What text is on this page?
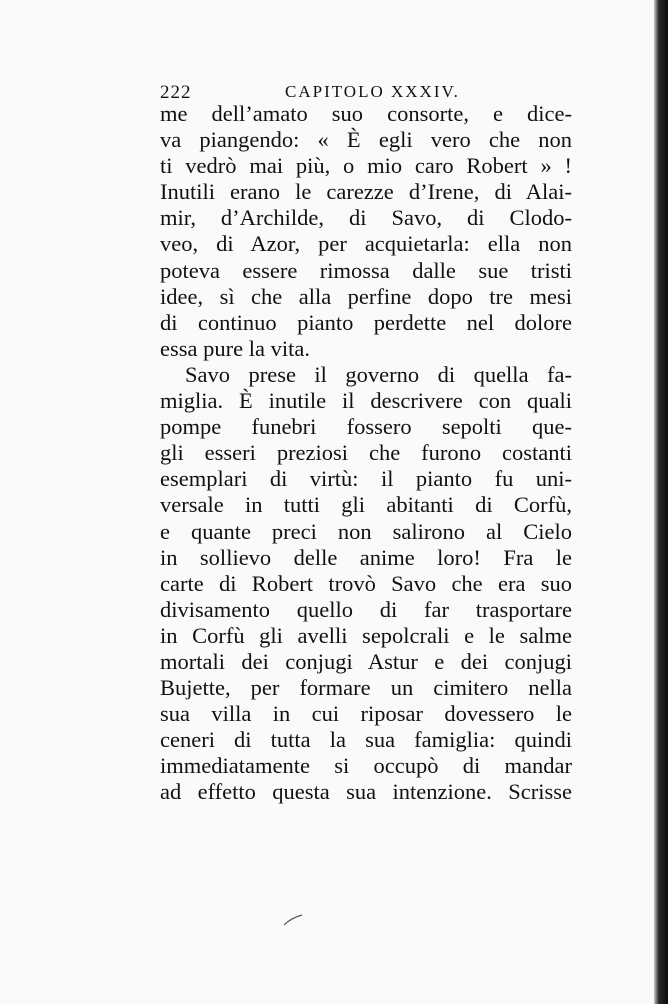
222	CAPITOLO XXXIV.
me dell’amato suo consorte, e dice-
va piangendo: « È egli vero che non
ti vedrò mai più, o mio caro Robert » !
Inutili erano le carezze d’Irene, di Alai-
mir, d’Archilde, di Savo, di Clodo-
veo, di Azor, per acquietarla: ella non
poteva essere rimossa dalle sue tristi
idee, sì che alla perfine dopo tre mesi
di continuo pianto perdette nel dolore
essa pure la vita.
Savo prese il governo di quella fa-
miglia. È inutile il descrivere con quali
pompe funebri fossero sepolti que-
gli esseri preziosi che furono costanti
esemplari di virtù: il pianto fu uni-
versale in tutti gli abitanti di Corfù,
e quante preci non salirono al Cielo
in sollievo delle anime loro! Fra le
carte di Robert trovò Savo che era suo
divisamento quello di far trasportare
in Corfù gli avelli sepolcrali e le salme
mortali dei conjugi Astur e dei conjugi
Bujette, per formare un cimitero nella
sua villa in cui riposar dovessero le
ceneri di tutta la sua famiglia: quindi
immediatamente si occupò di mandar
ad effetto questa sua intenzione. Scrisse
